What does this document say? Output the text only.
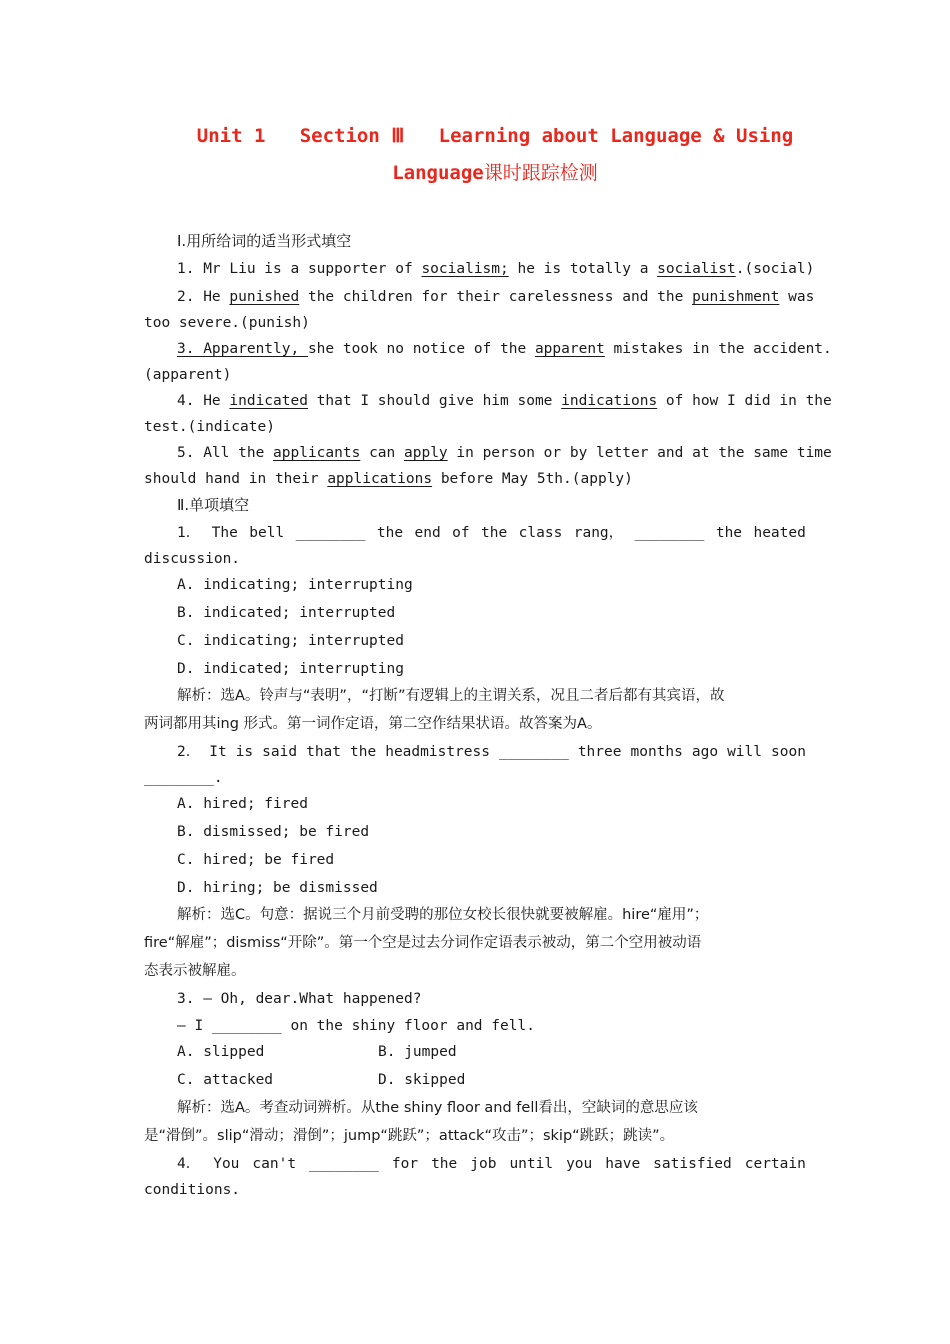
Unit 1   Section Ⅲ   Learning about Language & Using
Language课时跟踪检测
Ⅰ.用所给词的适当形式填空
1. Mr Liu is a supporter of socialism; he is totally a socialist.(social)
2. He punished the children for their carelessness and the punishment was
too severe.(punish)
3. Apparently, she took no notice of the apparent mistakes in the accident.
(apparent)
4. He indicated that I should give him some indications of how I did in the
test.(indicate)
5. All the applicants can apply in person or by letter and at the same time
should hand in their applications before May 5th.(apply)
Ⅱ.单项填空
1． The bell ________ the end of the class rang， ________ the heated
discussion.
A. indicating; interrupting
B. indicated; interrupted
C. indicating; interrupted
D. indicated; interrupting
解析：选A。铃声与“表明”，“打断”有逻辑上的主谓关系，况且二者后都有其宾语，故
两词都用其ing 形式。第一词作定语，第二空作结果状语。故答案为A。
2． It is said that the headmistress ________ three months ago will soon
________.
A. hired; fired
B. dismissed; be fired
C. hired; be fired
D. hiring; be dismissed
解析：选C。句意：据说三个月前受聘的那位女校长很快就要被解雇。hire“雇用”；
fire“解雇”；dismiss“开除”。第一个空是过去分词作定语表示被动，第二个空用被动语
态表示被解雇。
3. — Oh, dear.What happened?
— I ________ on the shiny floor and fell.
A. slipped	B. jumped
C. attacked	D. skipped
解析：选A。考查动词辨析。从the shiny floor and fell看出，空缺词的意思应该
是“滑倒”。slip“滑动；滑倒”；jump“跳跃”；attack“攻击”；skip“跳跃；跳读”。
4． You can't ________ for the job until you have satisfied certain
conditions.
